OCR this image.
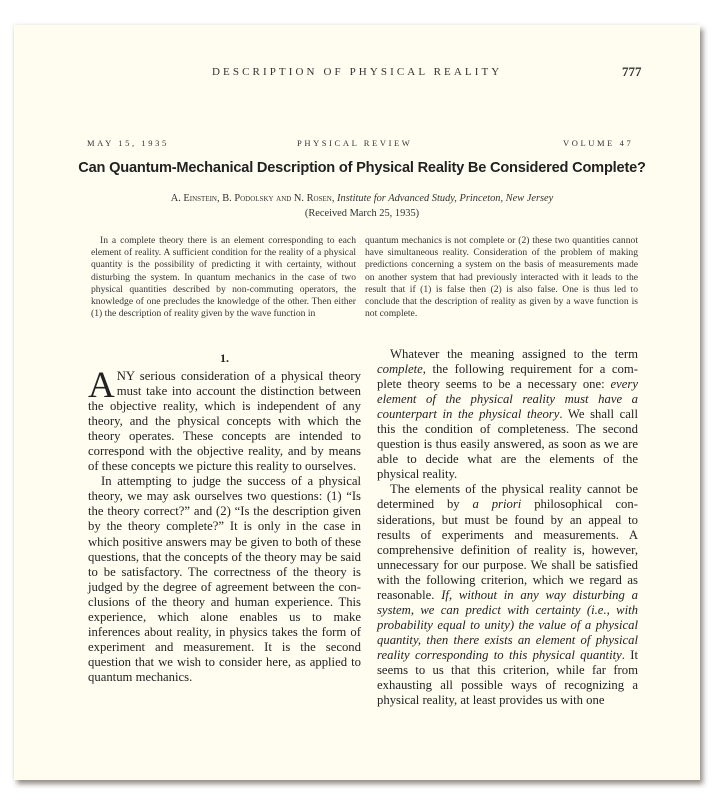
DESCRIPTION OF PHYSICAL REALITY	777
MAY 15, 1935	PHYSICAL REVIEW	VOLUME 47
Can Quantum-Mechanical Description of Physical Reality Be Considered Complete?
A. Einstein, B. Podolsky and N. Rosen, Institute for Advanced Study, Princeton, New Jersey
(Received March 25, 1935)
In a complete theory there is an element corresponding to each element of reality. A sufficient condition for the reality of a physical quantity is the possibility of predicting it with certainty, without disturbing the system. In quantum mechanics in the case of two physical quantities described by non-commuting operators, the knowledge of one precludes the knowledge of the other. Then either (1) the description of reality given by the wave function in
quantum mechanics is not complete or (2) these two quantities cannot have simultaneous reality. Consideration of the problem of making predictions concerning a system on the basis of measurements made on another system that had previously interacted with it leads to the result that if (1) is false then (2) is also false. One is thus led to conclude that the description of reality as given by a wave function is not complete.
1.

ANY serious consideration of a physical theory must take into account the distinction between the objective reality, which is independent of any theory, and the physical concepts with which the theory operates. These concepts are intended to correspond with the objective reality, and by means of these concepts we picture this reality to ourselves.

In attempting to judge the success of a physical theory, we may ask ourselves two questions: (1) “Is the theory correct?” and (2) “Is the description given by the theory complete?” It is only in the case in which positive answers may be given to both of these questions, that the concepts of the theory may be said to be satisfactory. The correctness of the theory is judged by the degree of agreement between the conclusions of the theory and human experience. This experience, which alone enables us to make inferences about reality, in physics takes the form of experiment and measurement. It is the second question that we wish to consider here, as applied to quantum mechanics.

Whatever the meaning assigned to the term complete, the following requirement for a complete theory seems to be a necessary one: every element of the physical reality must have a counterpart in the physical theory. We shall call this the condition of completeness. The second question is thus easily answered, as soon as we are able to decide what are the elements of the physical reality.

The elements of the physical reality cannot be determined by a priori philosophical considerations, but must be found by an appeal to results of experiments and measurements. A comprehensive definition of reality is, however, unnecessary for our purpose. We shall be satisfied with the following criterion, which we regard as reasonable. If, without in any way disturbing a system, we can predict with certainty (i.e., with probability equal to unity) the value of a physical quantity, then there exists an element of physical reality corresponding to this physical quantity. It seems to us that this criterion, while far from exhausting all possible ways of recognizing a physical reality, at least provides us with one
